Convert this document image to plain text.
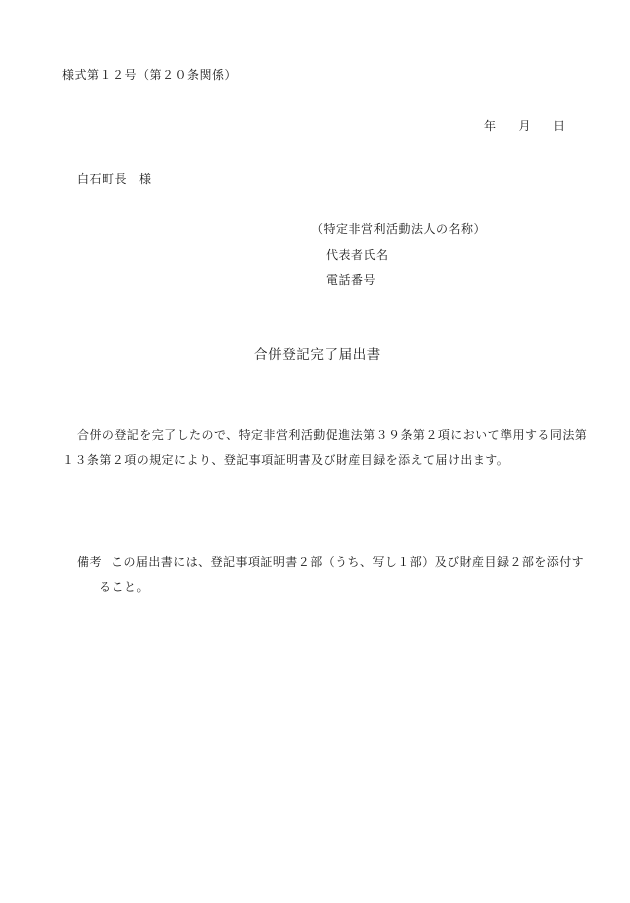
様式第１２号（第２０条関係）
年 月 日
白石町長 様
（特定非営利活動法人の名称）
代表者氏名
電話番号
合併登記完了届出書
合併の登記を完了したので、特定非営利活動促進法第３９条第２項において準用する同法第
１３条第２項の規定により、登記事項証明書及び財産目録を添えて届け出ます。
備考 この届出書には、登記事項証明書２部（うち、写し１部）及び財産目録２部を添付す
ること。
